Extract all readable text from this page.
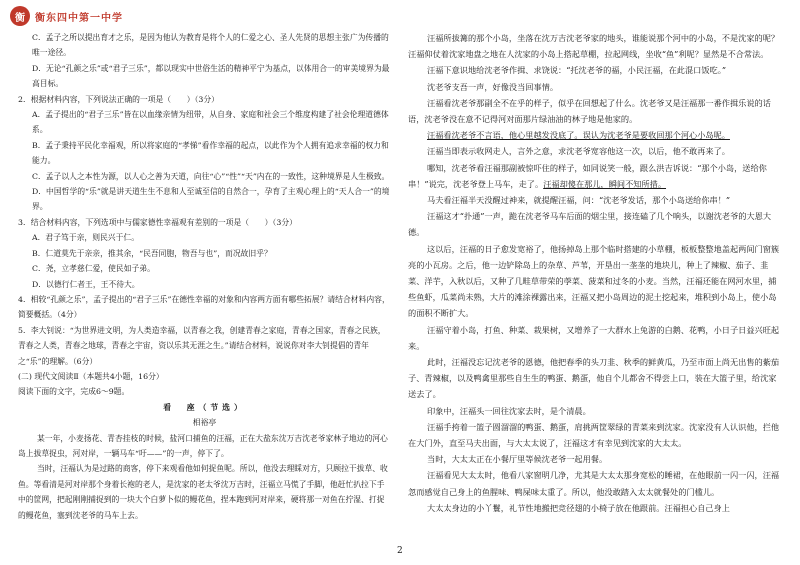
衡	衡东四中第一中学

C．孟子之所以提出育才之乐，是因为他认为教育是将个人的仁爱之心、圣人先贤的思想主张广为传播的唯一途径。

D．无论“孔颜之乐”或“君子三乐”，都以现实中世俗生活的精神平宁为基点，以体用合一的审美境界为最高目标。

2．根据材料内容，下列说法正确的一项是（　　）（3分）

A．孟子提出的“君子三乐”皆在以血缘亲情为纽带，从自身、家庭和社会三个维度构建了社会伦理道德体系。

B．孟子秉持平民化幸福观，所以将家庭的“孝悌”看作幸福的起点，以此作为个人拥有追求幸福的权力和能力。

C．孟子以人之本性为源，以人心之善为天道，向往“心”“性”“天”内在的一致性，这种境界是人生极致。

D．中国哲学的“乐”就是讲天道生生不息和人至诚至信的自然合一，孕育了主观心理上的“天人合一”的境界。

3．结合材料内容，下列选项中与儒家德性幸福观有差别的一项是（　　）（3分）

A．君子笃于亲，则民兴于仁。

B．仁道莫先于亲亲，推其余，“民吾同胞，物吾与也”，而况故旧乎？

C．尧，立孝慈仁爱，使民如子弟。

D．以德行仁者王，王不待大。

4．相较“孔颜之乐”，孟子提出的“君子三乐”在德性幸福的对象和内容两方面有哪些拓展？请结合材料内容，简要概括。（4分）

5．李大钊说：“为世界进文明，为人类造幸福，以青春之我，创建青春之家庭，青春之国家，青春之民族，青春之人类，青春之地球，青春之宇宙，资以乐其无涯之生。”请结合材料，说说你对李大钊提倡的青年之“乐”的理解。（6分）

(二) 现代文阅读Ⅱ（本题共4小题，16分）

阅读下面的文字，完成6～9题。

看　座（节选）

相裕亭

某一年，小麦扬花、青杏挂枝的时候，盐河口捕鱼的汪福，正在大盐东沈万吉沈老爷家林子地边的河心岛上拔草捉虫，河对岸，一辆马车“吁——”的一声，停下了。

当时，汪福认为是过路的商客，停下来观看他如何捉鱼呢。所以，他没去理睬对方，只顾拉干拔草、收鱼。等看清是河对岸那个身着长袍的老人，是沈家的老太爷沈万吉时，汪福立马慌了手脚，他赶忙扒拉下手中的筐网，把起刚刚捕捉到的一块大个白萝卜似的鳗花鱼，捏本跑到河对岸来，硬将那一对鱼在拧湿、打捉的鳗花鱼，塞到沈老爷的马车上去。

汪福所拔篝的那个小岛，坐落在沈万吉沈老爷家的地头，谁能说那个河中的小岛，不是沈家的呢？汪福仰仗着沈家地盘之地在人沈家的小岛上搭起草棚，拉起网线，坐收“鱼”利呢？显然是不合常法。

汪福下意识地给沈老爷作揖、求饶说：“托沈老爷的福，小民汪福，在此混口饭吃。”

沈老爷支吾一声，好像没当回事情。

汪福看沈老爷那副全不在乎的样子，似乎在回想起了什么。沈老爷又是汪福那一番作揖乐说的话语，沈老爷没在意不记得河对面那片绿油油的林子地是他家的。

汪福看沈老爷不言语，他心里越发没底了。误认为沈老爷是要收回那个河心小岛呢。

汪福当即表示收网走人，言外之意，求沈老爷宽容他这一次，以后，他不敢再来了。

哪知，沈老爷看汪福那副被惊吓住的样子，如同说笑一般，跟么洪吉诉说：“那个小岛，送给你串！”说完，沈老爷登上马车，走了。汪福却傻在那儿，瞬间不知所措。

马夫看汪福半天没醒过神来，就提醒汪福，问：“沈老爷发话，那个小岛送给你串！”

汪福这才“扑通”一声，跪在沈老爷马车后面的烟尘里，接连磕了几个响头，以谢沈老爷的大恩大德。

这以后，汪福的日子愈发宽裕了，他扬掉岛上那个临时搭建的小草棚，板板整整地盖起两间门窗簇亮的小瓦房。之后，他一边铲除岛上的杂草、芦苇，开垦出一垄垄的地块儿，种上了辣椒、茄子、韭菜、洋芋，入秋以后，又种了几畦草带荣的荸菜、菠菜和过冬的小麦。当然，汪福还能在网河水里，捕些鱼虾，瓜菜尚未熟，大片的滩涂裸露出来，汪福又把小岛周边的泥土挖起来，堆积到小岛上，使小岛的面积不断扩大。

汪福守着小岛，打鱼、种菜、栽果树，又增养了一大群水上兔游的白鹅、花鸭，小日子日益兴旺起来。

此时，汪福没忘记沈老爷的恩德，他把春季的头刀韭、秋季的鲜黄瓜，乃至市面上尚无出售的紫茄子、青辣椒，以及鸭禽里那些自生生的鸭蛋、鹅蛋，他自个儿都舍不得尝上口，装在大篮子里，给沈家送去了。

印象中，汪福头一回往沈家去时，是个清晨。

汪福手挎着一篮子圆溜溜的鸭蛋、鹅蛋，肩挑两筐翠绿的青菜来到沈家。沈家没有人认识他，拦他在大门外，直至马夫出面，与大太太说了，汪福这才有幸见到沈家的大太太。

当时，大太太正在小餐厅里等候沈老爷一起用餐。

汪福看见大太太时，他看八家窗明几净，尤其是大太太那身宽松的睡裙，在他眼前一闪一闪，汪福忽而感觉自己身上的鱼腥味、鸭屎味太重了。所以，他没敢踏入太太就餐处的门槛儿。

大太太身边的小丫鬟，礼节性地搬把竞径翅的小椅子放在他跟前。汪福担心自己身上

2
